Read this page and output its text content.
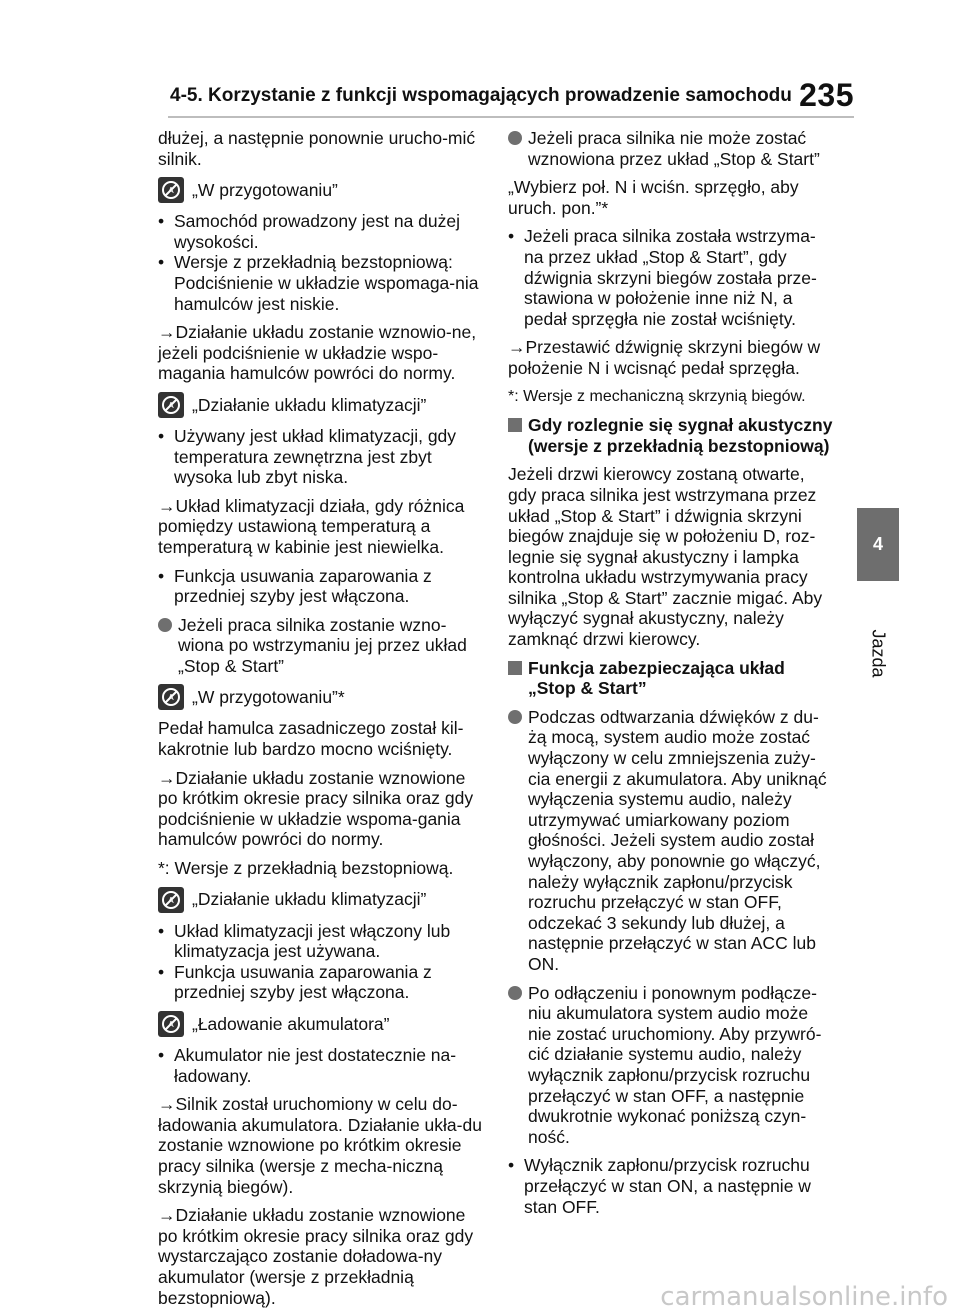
4-5. Korzystanie z funkcji wspomagających prowadzenie samochodu 235
4
Jazda
dłużej, a następnie ponownie urucho-mić silnik.
A „W przygotowaniu”
• Samochód prowadzony jest na dużej wysokości.
• Wersje z przekładnią bezstopniową: Podciśnienie w układzie wspomaga-nia hamulców jest niskie.
→Działanie układu zostanie wznowio-ne, jeżeli podciśnienie w układzie wspo-magania hamulców powróci do normy.
A „Działanie układu klimatyzacji”
• Używany jest układ klimatyzacji, gdy temperatura zewnętrzna jest zbyt wysoka lub zbyt niska.
→Układ klimatyzacji działa, gdy różnica pomiędzy ustawioną temperaturą a temperaturą w kabinie jest niewielka.
• Funkcja usuwania zaparowania z przedniej szyby jest włączona.
Jeżeli praca silnika zostanie wzno-wiona po wstrzymaniu jej przez układ „Stop & Start”
A „W przygotowaniu”*
Pedał hamulca zasadniczego został kil-kakrotnie lub bardzo mocno wciśnięty.
→Działanie układu zostanie wznowione po krótkim okresie pracy silnika oraz gdy podciśnienie w układzie wspoma-gania hamulców powróci do normy.
*: Wersje z przekładnią bezstopniową.
A „Działanie układu klimatyzacji”
• Układ klimatyzacji jest włączony lub klimatyzacja jest używana.
• Funkcja usuwania zaparowania z przedniej szyby jest włączona.
A „Ładowanie akumulatora”
• Akumulator nie jest dostatecznie na-ładowany.
→Silnik został uruchomiony w celu do-ładowania akumulatora. Działanie ukła-du zostanie wznowione po krótkim okresie pracy silnika (wersje z mecha-niczną skrzynią biegów).
→Działanie układu zostanie wznowione po krótkim okresie pracy silnika oraz gdy wystarczająco zostanie doładowa-ny akumulator (wersje z przekładnią bezstopniową).
Jeżeli praca silnika nie może zostać wznowiona przez układ „Stop & Start”
„Wybierz poł. N i wciśn. sprzęgło, aby uruch. pon.”*
• Jeżeli praca silnika została wstrzyma-na przez układ „Stop & Start”, gdy dźwignia skrzyni biegów została prze-stawiona w położenie inne niż N, a pedał sprzęgła nie został wciśnięty.
→Przestawić dźwignię skrzyni biegów w położenie N i wcisnąć pedał sprzęgła.
*: Wersje z mechaniczną skrzynią biegów.
Gdy rozlegnie się sygnał akustyczny (wersje z przekładnią bezstopniową)
Jeżeli drzwi kierowcy zostaną otwarte, gdy praca silnika jest wstrzymana przez układ „Stop & Start” i dźwignia skrzyni biegów znajduje się w położeniu D, roz-legnie się sygnał akustyczny i lampka kontrolna układu wstrzymywania pracy silnika „Stop & Start” zacznie migać. Aby wyłączyć sygnał akustyczny, należy zamknąć drzwi kierowcy.
Funkcja zabezpieczająca układ „Stop & Start”
Podczas odtwarzania dźwięków z du-żą mocą, system audio może zostać wyłączony w celu zmniejszenia zuży-cia energii z akumulatora. Aby uniknąć wyłączenia systemu audio, należy utrzymywać umiarkowany poziom głośności. Jeżeli system audio został wyłączony, aby ponownie go włączyć, należy wyłącznik zapłonu/przycisk rozruchu przełączyć w stan OFF, odczekać 3 sekundy lub dłużej, a następnie przełączyć w stan ACC lub ON.
Po odłączeniu i ponownym podłącze-niu akumulatora system audio może nie zostać uruchomiony. Aby przywró-cić działanie systemu audio, należy wyłącznik zapłonu/przycisk rozruchu przełączyć w stan OFF, a następnie dwukrotnie wykonać poniższą czyn-ność.
• Wyłącznik zapłonu/przycisk rozruchu przełączyć w stan ON, a następnie w stan OFF.
carmanualsonline.info
